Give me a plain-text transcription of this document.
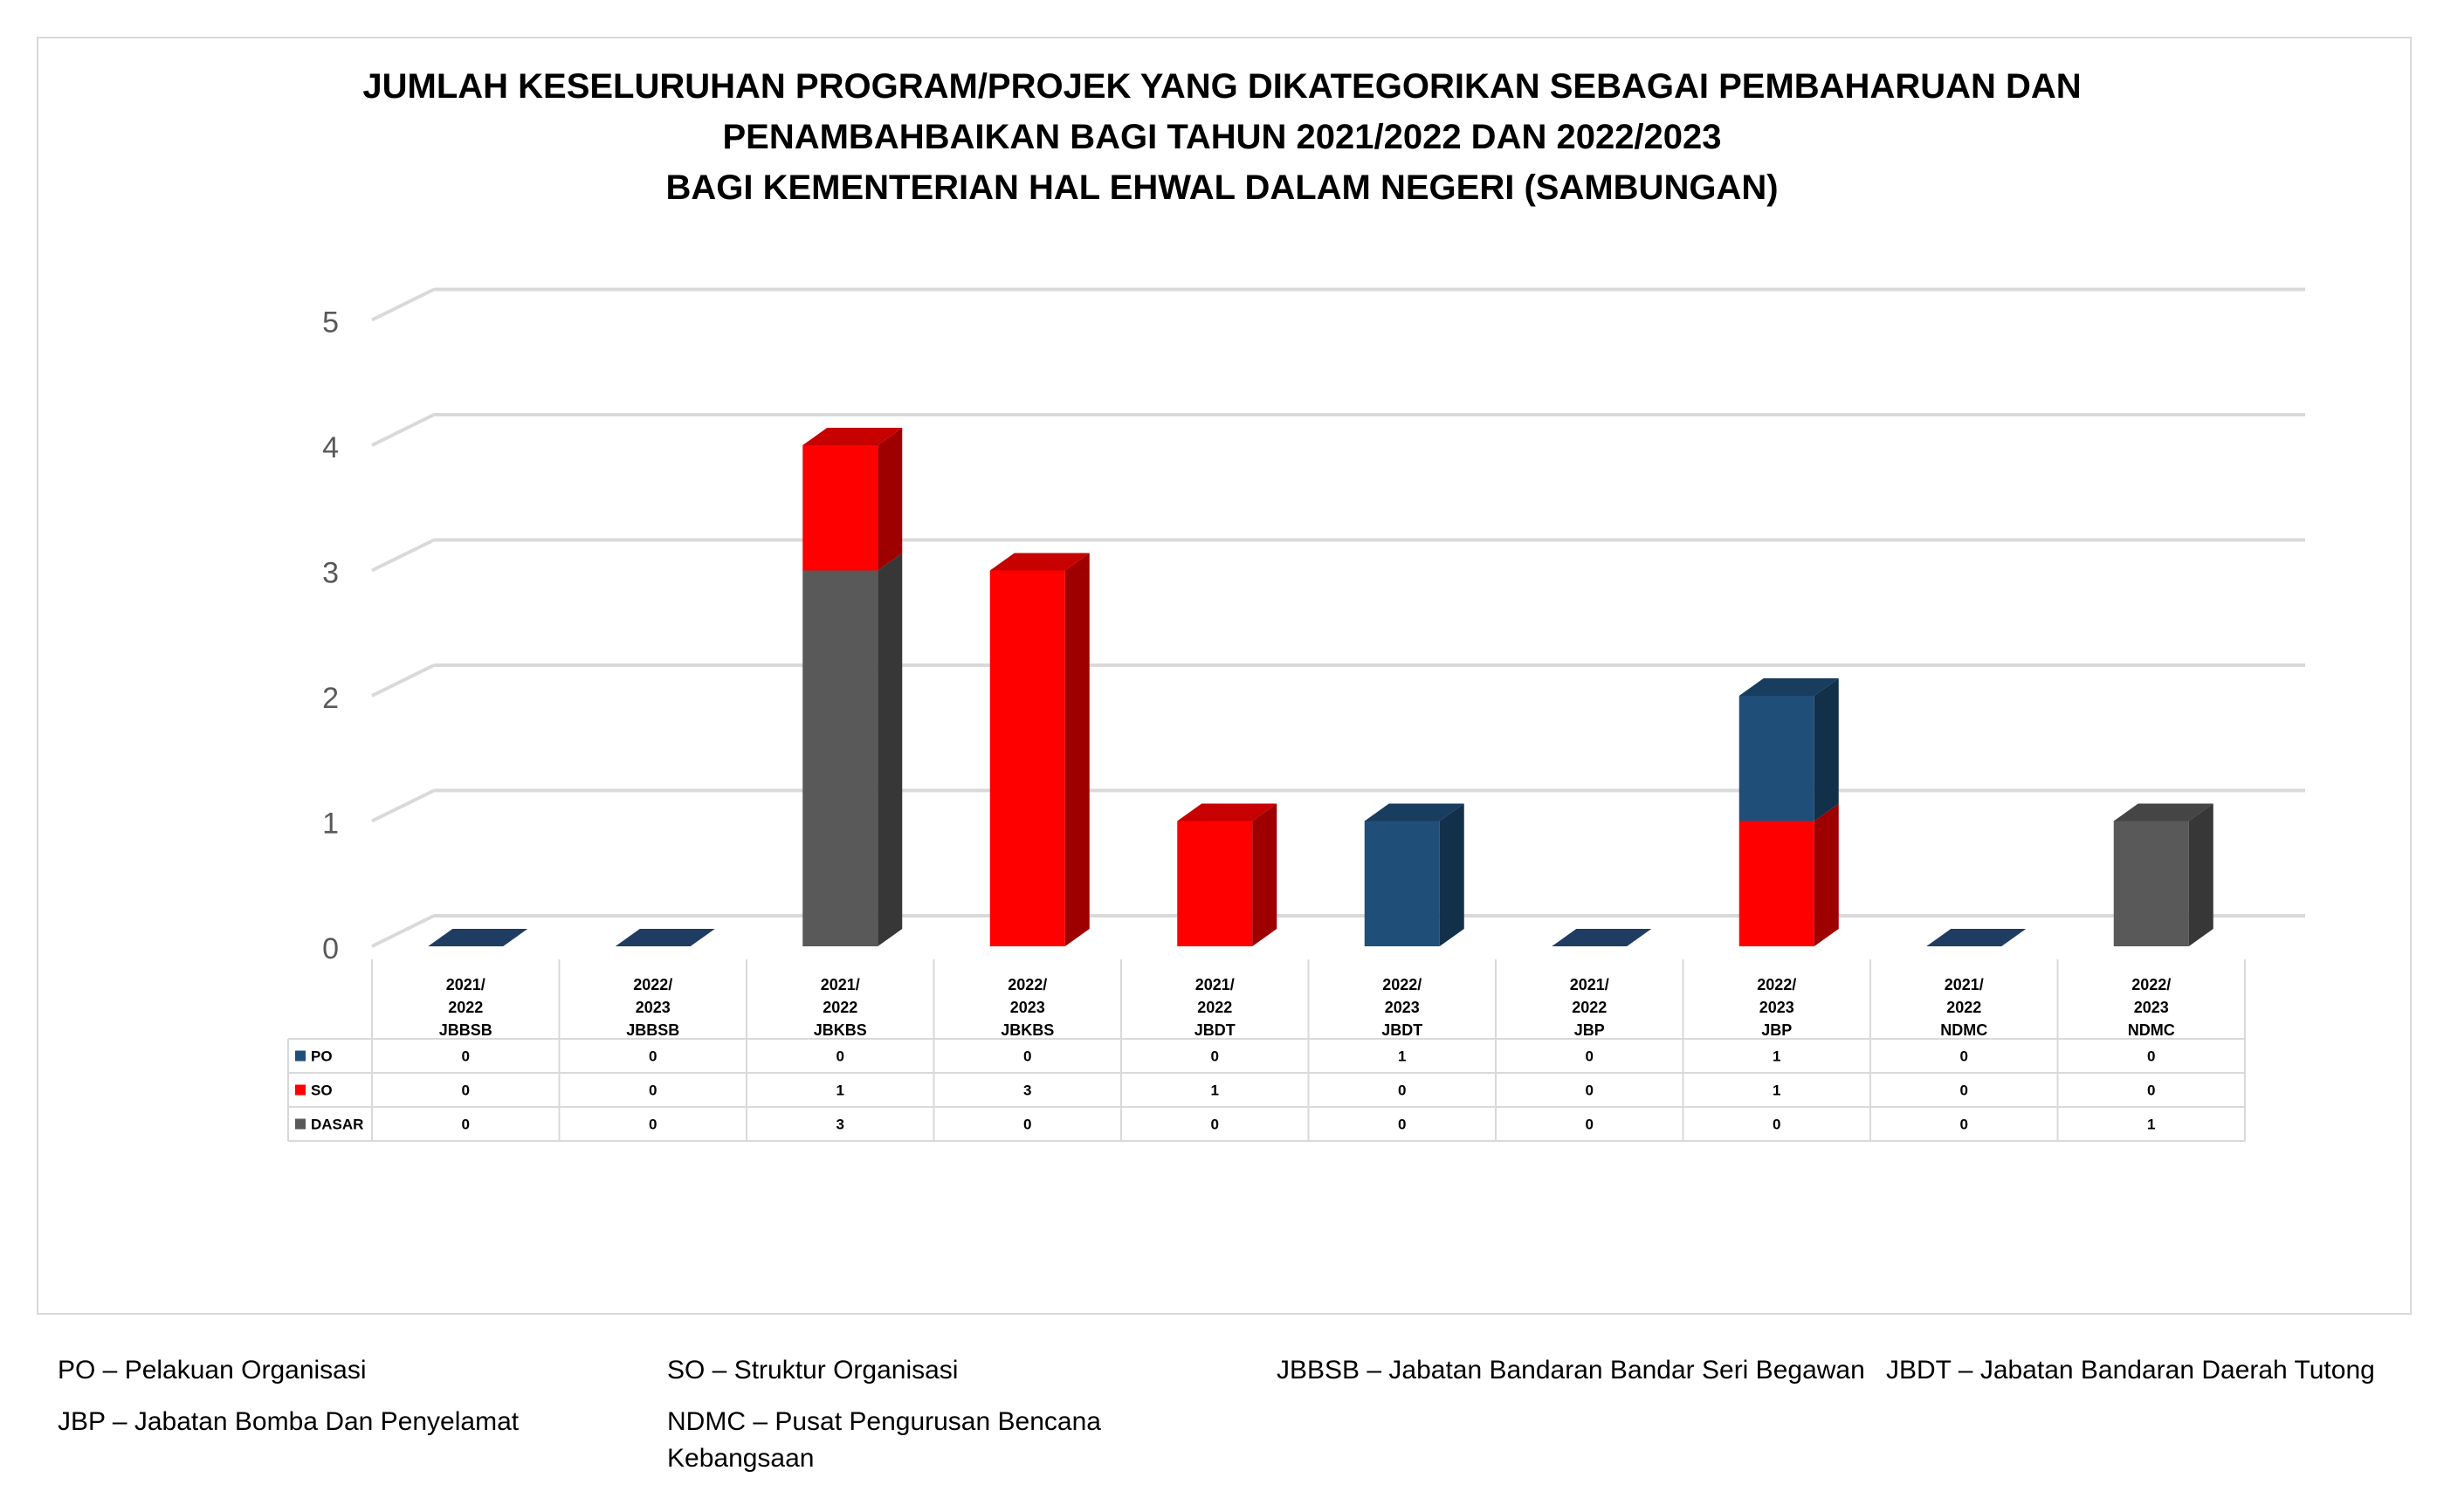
JUMLAH KESELURUHAN PROGRAM/PROJEK YANG DIKATEGORIKAN SEBAGAI PEMBAHARUAN DAN
PENAMBAHBAIKAN BAGI TAHUN 2021/2022 DAN 2022/2023
BAGI KEMENTERIAN HAL EHWAL DALAM NEGERI (SAMBUNGAN)
0
1
2
3
4
5
2021/
2022
JBBSB
2022/
2023
JBBSB
2021/
2022
JBKBS
2022/
2023
JBKBS
2021/
2022
JBDT
2022/
2023
JBDT
2021/
2022
JBP
2022/
2023
JBP
2021/
2022
NDMC
2022/
2023
NDMC
PO	0	0	0	0	0	1	0	1	0	0
SO	0	0	1	3	1	0	0	1	0	0
DASAR	0	0	3	0	0	0	0	0	0	1
PO – Pelakuan Organisasi	SO – Struktur Organisasi	JBBSB – Jabatan Bandaran Bandar Seri Begawan JBDT – Jabatan Bandaran Daerah Tutong
JBP – Jabatan Bomba Dan Penyelamat	NDMC – Pusat Pengurusan Bencana Kebangsaan
